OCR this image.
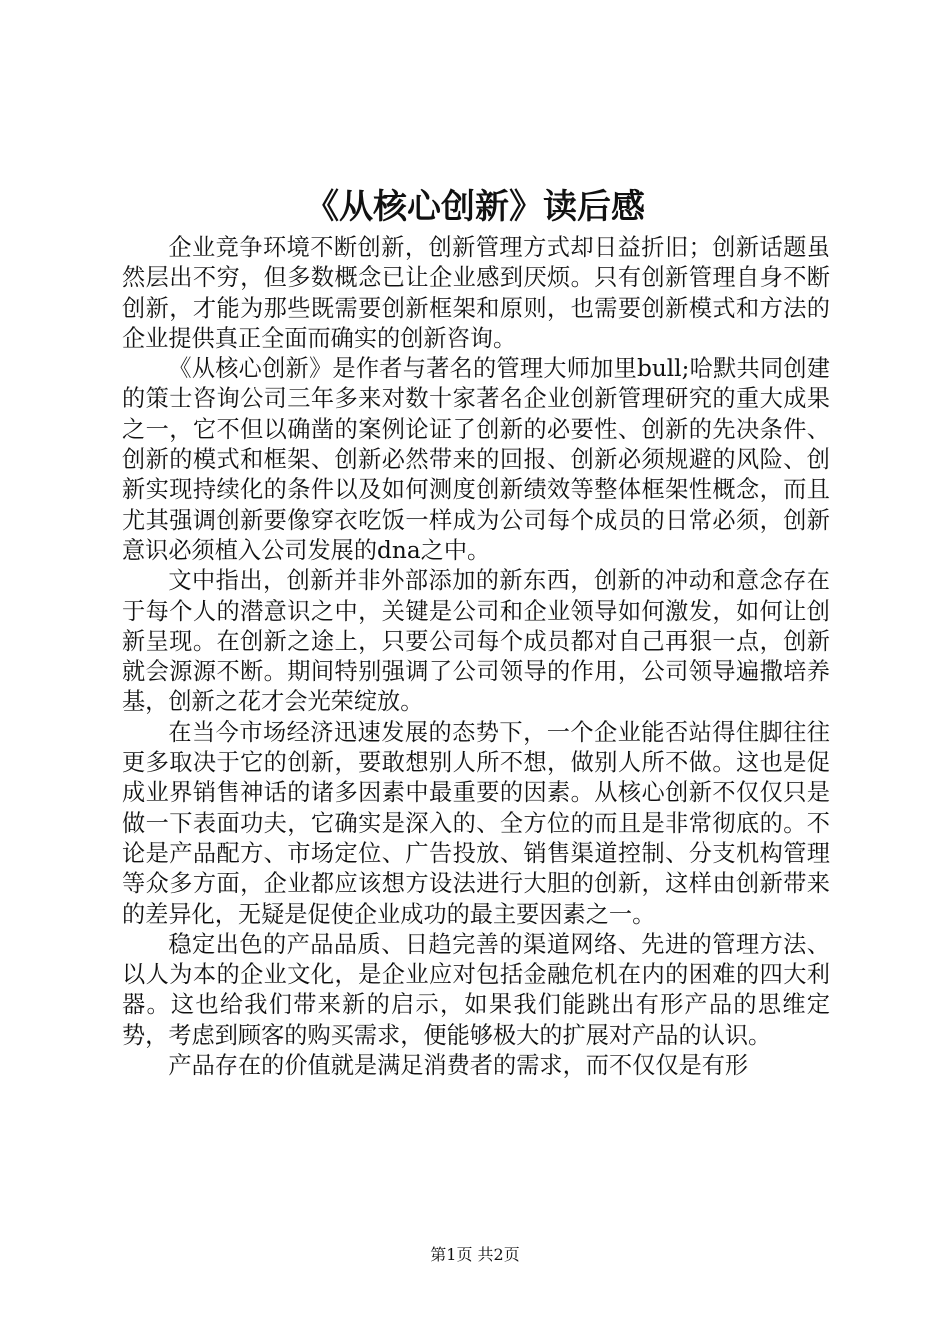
《从核心创新》读后感

企业竞争环境不断创新，创新管理方式却日益折旧；创新话题虽然层出不穷，但多数概念已让企业感到厌烦。只有创新管理自身不断创新，才能为那些既需要创新框架和原则，也需要创新模式和方法的企业提供真正全面而确实的创新咨询。

《从核心创新》是作者与著名的管理大师加里bull;哈默共同创建的策士咨询公司三年多来对数十家著名企业创新管理研究的重大成果之一，它不但以确凿的案例论证了创新的必要性、创新的先决条件、创新的模式和框架、创新必然带来的回报、创新必须规避的风险、创新实现持续化的条件以及如何测度创新绩效等整体框架性概念，而且尤其强调创新要像穿衣吃饭一样成为公司每个成员的日常必须，创新意识必须植入公司发展的dna之中。

文中指出，创新并非外部添加的新东西，创新的冲动和意念存在于每个人的潜意识之中，关键是公司和企业领导如何激发，如何让创新呈现。在创新之途上，只要公司每个成员都对自己再狠一点，创新就会源源不断。期间特别强调了公司领导的作用，公司领导遍撒培养基，创新之花才会光荣绽放。

在当今市场经济迅速发展的态势下，一个企业能否站得住脚往往更多取决于它的创新，要敢想别人所不想，做别人所不做。这也是促成业界销售神话的诸多因素中最重要的因素。从核心创新不仅仅只是做一下表面功夫，它确实是深入的、全方位的而且是非常彻底的。不论是产品配方、市场定位、广告投放、销售渠道控制、分支机构管理等众多方面，企业都应该想方设法进行大胆的创新，这样由创新带来的差异化，无疑是促使企业成功的最主要因素之一。

稳定出色的产品品质、日趋完善的渠道网络、先进的管理方法、以人为本的企业文化，是企业应对包括金融危机在内的困难的四大利器。这也给我们带来新的启示，如果我们能跳出有形产品的思维定势，考虑到顾客的购买需求，便能够极大的扩展对产品的认识。

产品存在的价值就是满足消费者的需求，而不仅仅是有形

第1页 共2页
